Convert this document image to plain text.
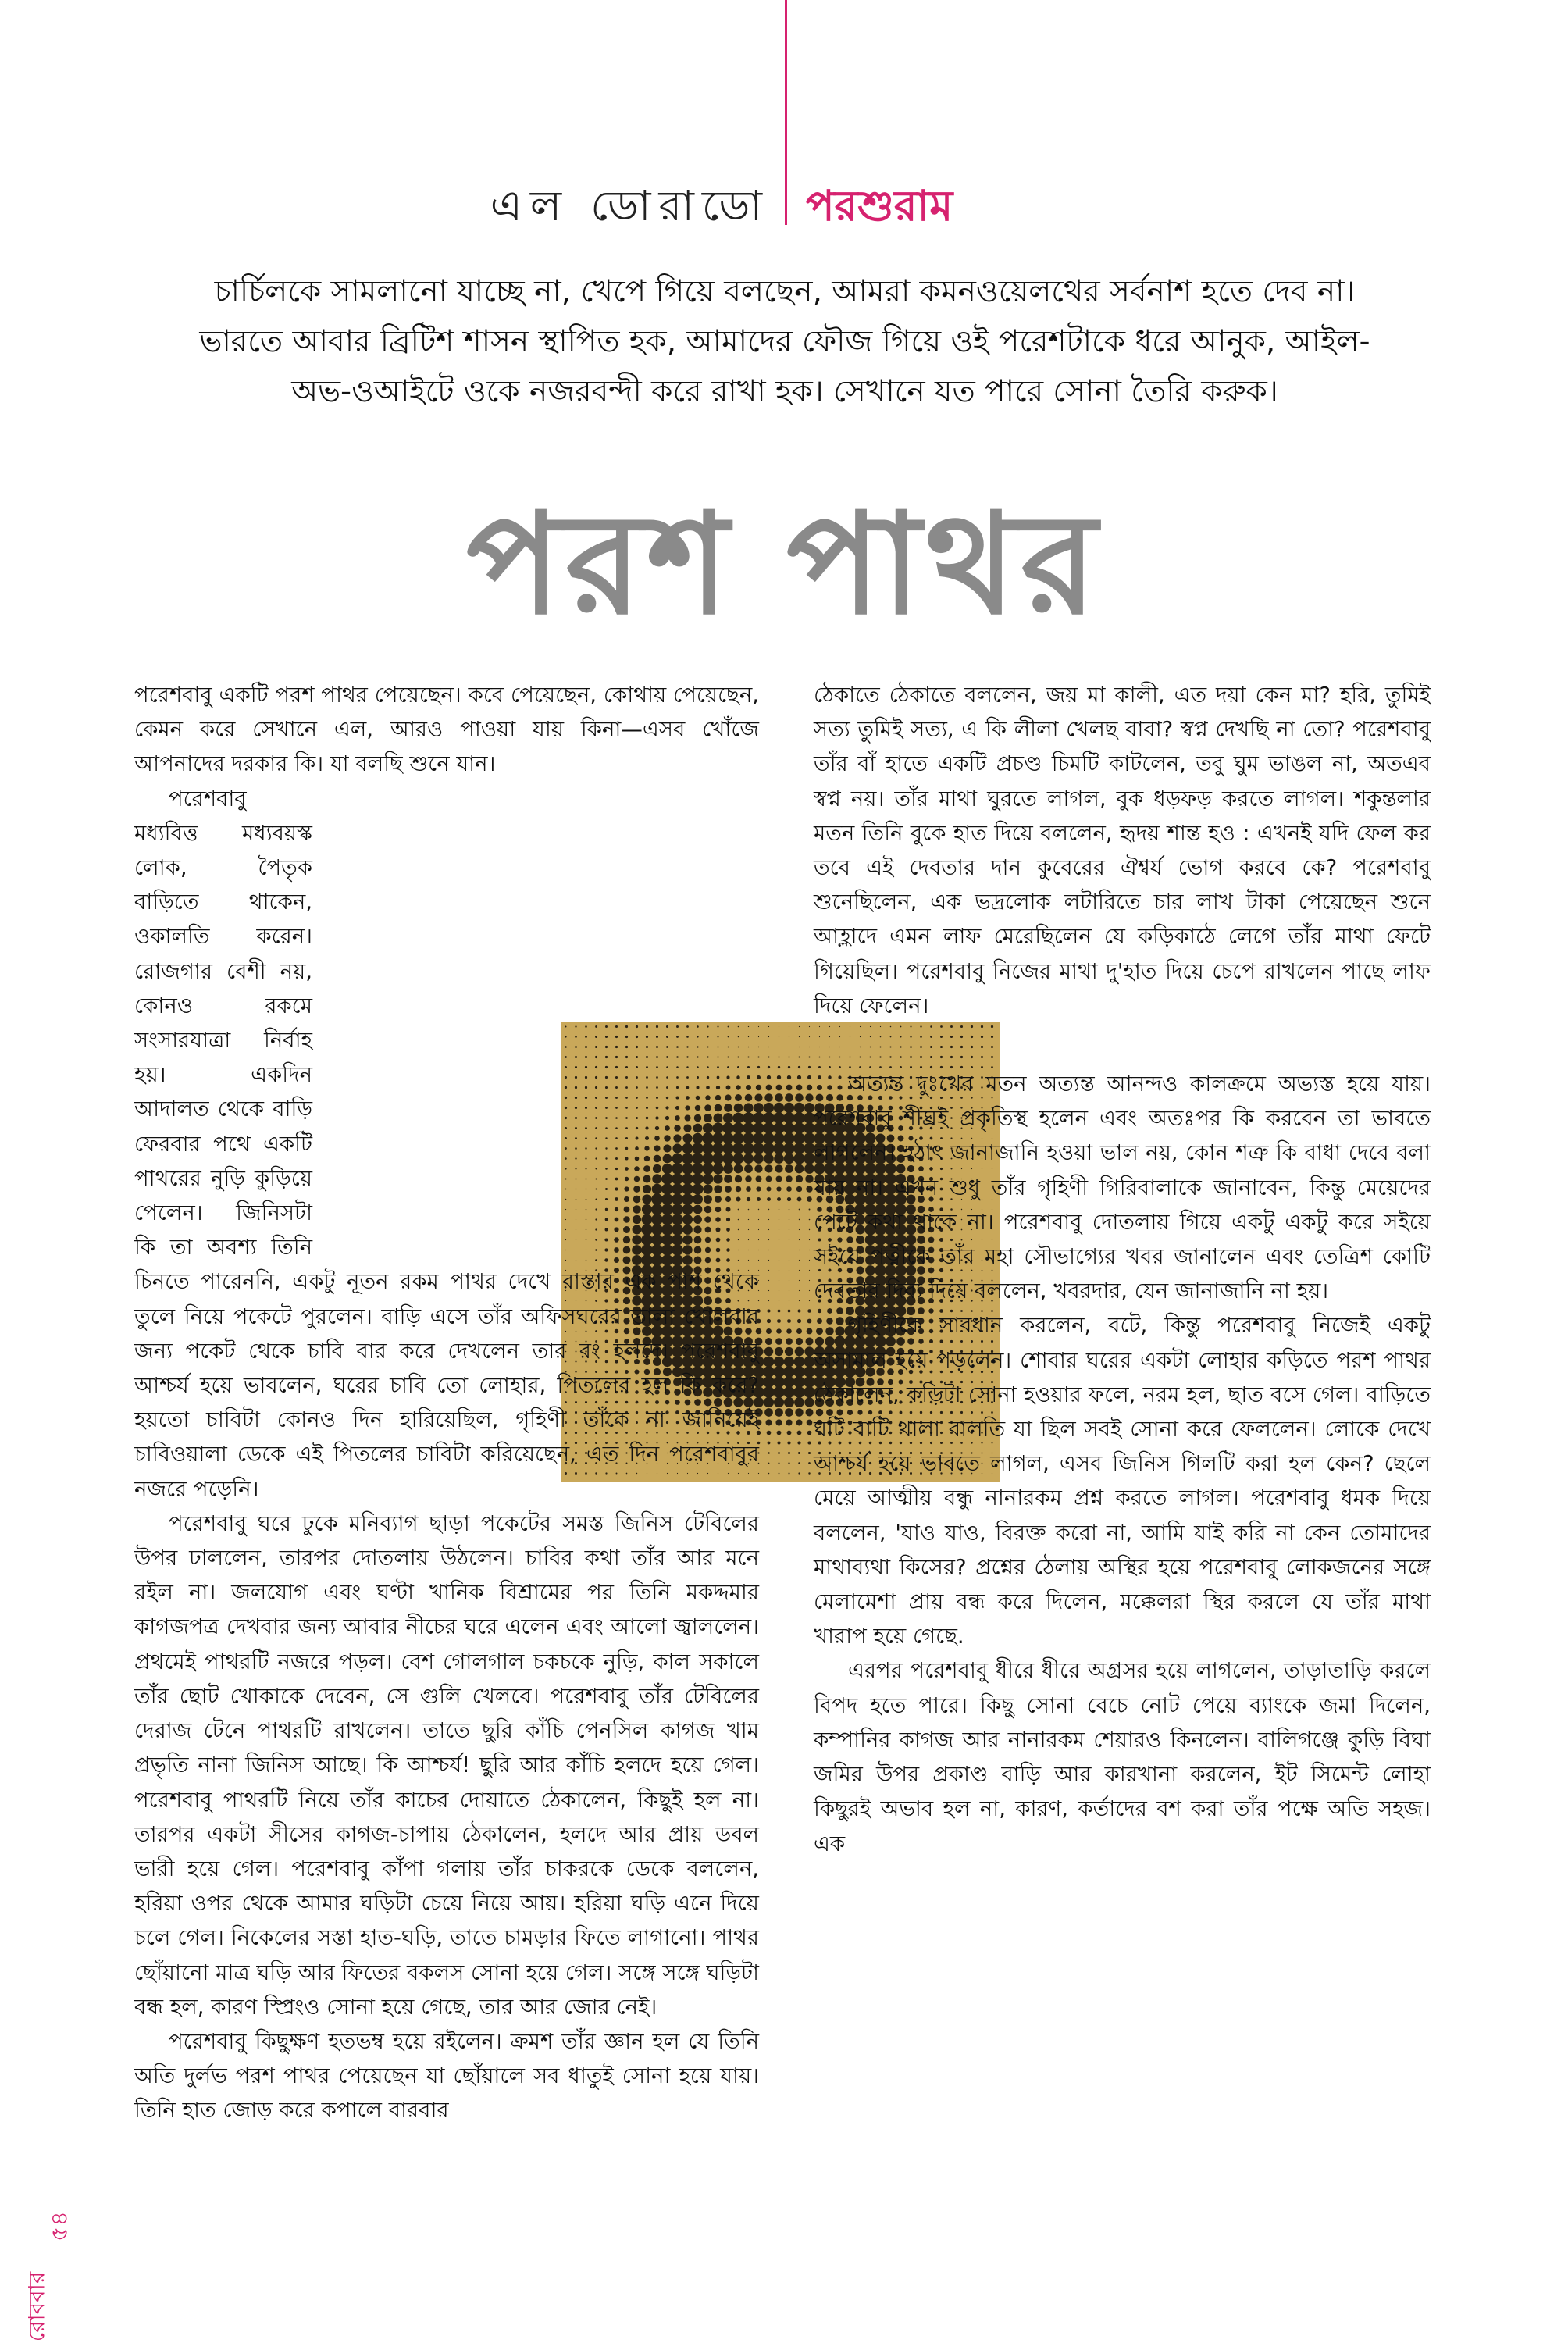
এল ডোরাডো পরশুরাম
চার্চিলকে সামলানো যাচ্ছে না, খেপে গিয়ে বলছেন, আমরা কমনওয়েলথের সর্বনাশ হতে দেব না। ভারতে আবার ব্রিটিশ শাসন স্থাপিত হক, আমাদের ফৌজ গিয়ে ওই পরেশটাকে ধরে আনুক, আইল-অভ-ওআইটে ওকে নজরবন্দী করে রাখা হক। সেখানে যত পারে সোনা তৈরি করুক।
পরশ পাথর

পরেশবাবু একটি পরশ পাথর পেয়েছেন। কবে পেয়েছেন, কোথায় পেয়েছেন, কেমন করে সেখানে এল, আরও পাওয়া যায় কিনা—এসব খোঁজে আপনাদের দরকার কি। যা বলছি শুনে যান।

পরেশবাবু মধ্যবিত্ত মধ্যবয়স্ক লোক, পৈতৃক বাড়িতে থাকেন, ওকালতি করেন। রোজগার বেশী নয়, কোনও রকমে সংসারযাত্রা নির্বাহ হয়। একদিন আদালত থেকে বাড়ি ফেরবার পথে একটি পাথরের নুড়ি কুড়িয়ে পেলেন। জিনিসটা কি তা অবশ্য তিনি চিনতে পারেননি, একটু নূতন রকম পাথর দেখে রাস্তার এক পাশ থেকে তুলে নিয়ে পকেটে পুরলেন। বাড়ি এসে তাঁর অফিসঘরের তালা খোলবার জন্য পকেট থেকে চাবি বার করে দেখলেন তার রং হলদে। পরেশবাবু আশ্চর্য হয়ে ভাবলেন, ঘরের চাবি তো লোহার, পিতলের হল কি করে? হয়তো চাবিটা কোনও দিন হারিয়েছিল, গৃহিণী তাঁকে না জানিয়েই চাবিওয়ালা ডেকে এই পিতলের চাবিটা করিয়েছেন, এত দিন পরেশবাবুর নজরে পড়েনি।

পরেশবাবু ঘরে ঢুকে মনিব্যাগ ছাড়া পকেটের সমস্ত জিনিস টেবিলের উপর ঢাললেন, তারপর দোতলায় উঠলেন। চাবির কথা তাঁর আর মনে রইল না। জলযোগ এবং ঘণ্টা খানিক বিশ্রামের পর তিনি মকদ্দমার কাগজপত্র দেখবার জন্য আবার নীচের ঘরে এলেন এবং আলো জ্বাললেন। প্রথমেই পাথরটি নজরে পড়ল। বেশ গোলগাল চকচকে নুড়ি, কাল সকালে তাঁর ছোট খোকাকে দেবেন, সে গুলি খেলবে। পরেশবাবু তাঁর টেবিলের দেরাজ টেনে পাথরটি রাখলেন। তাতে ছুরি কাঁচি পেনসিল কাগজ খাম প্রভৃতি নানা জিনিস আছে। কি আশ্চর্য! ছুরি আর কাঁচি হলদে হয়ে গেল। পরেশবাবু পাথরটি নিয়ে তাঁর কাচের দোয়াতে ঠেকালেন, কিছুই হল না। তারপর একটা সীসের কাগজ-চাপায় ঠেকালেন, হলদে আর প্রায় ডবল ভারী হয়ে গেল। পরেশবাবু কাঁপা গলায় তাঁর চাকরকে ডেকে বললেন, হরিয়া ওপর থেকে আমার ঘড়িটা চেয়ে নিয়ে আয়। হরিয়া ঘড়ি এনে দিয়ে চলে গেল। নিকেলের সস্তা হাত-ঘড়ি, তাতে চামড়ার ফিতে লাগানো। পাথর ছোঁয়ানো মাত্র ঘড়ি আর ফিতের বকলস সোনা হয়ে গেল। সঙ্গে সঙ্গে ঘড়িটা বন্ধ হল, কারণ স্প্রিংও সোনা হয়ে গেছে, তার আর জোর নেই।

পরেশবাবু কিছুক্ষণ হতভম্ব হয়ে রইলেন। ক্রমশ তাঁর জ্ঞান হল যে তিনি অতি দুর্লভ পরশ পাথর পেয়েছেন যা ছোঁয়ালে সব ধাতুই সোনা হয়ে যায়। তিনি হাত জোড় করে কপালে বারবার

ঠেকাতে ঠেকাতে বললেন, জয় মা কালী, এত দয়া কেন মা? হরি, তুমিই সত্য তুমিই সত্য, এ কি লীলা খেলছ বাবা? স্বপ্ন দেখছি না তো? পরেশবাবু তাঁর বাঁ হাতে একটি প্রচণ্ড চিমটি কাটলেন, তবু ঘুম ভাঙল না, অতএব স্বপ্ন নয়। তাঁর মাথা ঘুরতে লাগল, বুক ধড়ফড় করতে লাগল। শকুন্তলার মতন তিনি বুকে হাত দিয়ে বললেন, হৃদয় শান্ত হও : এখনই যদি ফেল কর তবে এই দেবতার দান কুবেরের ঐশ্বর্য ভোগ করবে কে? পরেশবাবু শুনেছিলেন, এক ভদ্রলোক লটারিতে চার লাখ টাকা পেয়েছেন শুনে আহ্লাদে এমন লাফ মেরেছিলেন যে কড়িকাঠে লেগে তাঁর মাথা ফেটে গিয়েছিল। পরেশবাবু নিজের মাথা দু'হাত দিয়ে চেপে রাখলেন পাছে লাফ দিয়ে ফেলেন।

অত্যন্ত দুঃখের মতন অত্যন্ত আনন্দও কালক্রমে অভ্যস্ত হয়ে যায়। পরেশবাবু শীঘ্রই প্রকৃতিস্থ হলেন এবং অতঃপর কি করবেন তা ভাবতে লাগলেন। হঠাৎ জানাজানি হওয়া ভাল নয়, কোন শত্রু কি বাধা দেবে বলা যায় না। এখন শুধু তাঁর গৃহিণী গিরিবালাকে জানাবেন, কিন্তু মেয়েদের পেটে কথা থাকে না। পরেশবাবু দোতলায় গিয়ে একটু একটু করে সইয়ে সইয়ে পত্নীকে তাঁর মহা সৌভাগ্যের খবর জানালেন এবং তেত্রিশ কোটি দেবতার দিব্য দিয়ে বললেন, খবরদার, যেন জানাজানি না হয়।

গৃহিণীকে সাবধান করলেন, বটে, কিন্তু পরেশবাবু নিজেই একটু অসামাল হয়ে পড়লেন। শোবার ঘরের একটা লোহার কড়িতে পরশ পাথর ঠেকালেন, কড়িটা সোনা হওয়ার ফলে, নরম হল, ছাত বসে গেল। বাড়িতে ঘটি বাটি থালা বালতি যা ছিল সবই সোনা করে ফেললেন। লোকে দেখে আশ্চর্য হয়ে ভাবতে লাগল, এসব জিনিস গিলটি করা হল কেন? ছেলে মেয়ে আত্মীয় বন্ধু নানারকম প্রশ্ন করতে লাগল। পরেশবাবু ধমক দিয়ে বললেন, 'যাও যাও, বিরক্ত করো না, আমি যাই করি না কেন তোমাদের মাথাব্যথা কিসের? প্রশ্নের ঠেলায় অস্থির হয়ে পরেশবাবু লোকজনের সঙ্গে মেলামেশা প্রায় বন্ধ করে দিলেন, মক্কেলরা স্থির করলে যে তাঁর মাথা খারাপ হয়ে গেছে.

এরপর পরেশবাবু ধীরে ধীরে অগ্রসর হয়ে লাগলেন, তাড়াতাড়ি করলে বিপদ হতে পারে। কিছু সোনা বেচে নোট পেয়ে ব্যাংকে জমা দিলেন, কম্পানির কাগজ আর নানারকম শেয়ারও কিনলেন। বালিগঞ্জে কুড়ি বিঘা জমির উপর প্রকাণ্ড বাড়ি আর কারখানা করলেন, ইট সিমেন্ট লোহা কিছুরই অভাব হল না, কারণ, কর্তাদের বশ করা তাঁর পক্ষে অতি সহজ। এক

৫৪
রোববার
